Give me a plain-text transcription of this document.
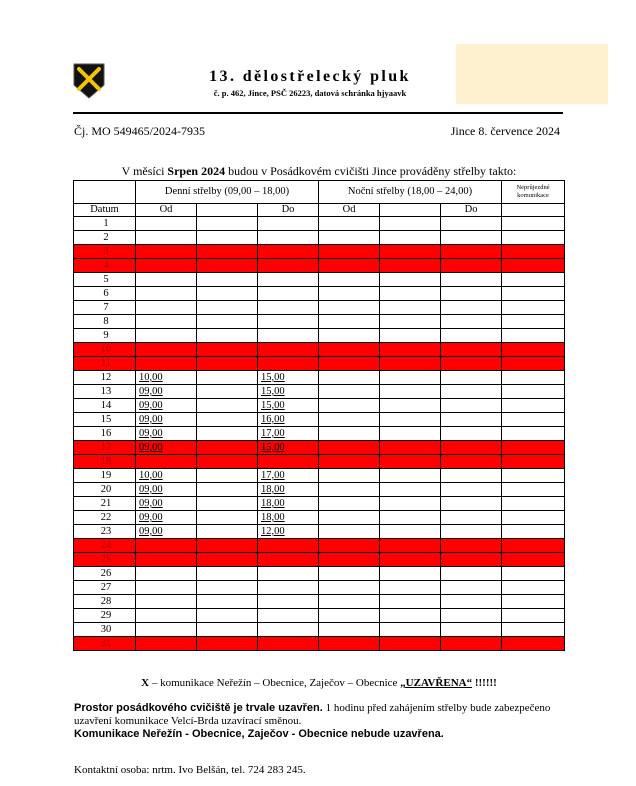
13. dělostřelecký pluk
č. p. 462, Jince, PSČ 26223, datová schránka hjyaavk
Čj. MO 549465/2024-7935	Jince 8. července 2024
V měsíci Srpen 2024 budou v Posádkovém cvičišti Jince prováděny střelby takto:
	Denní střelby (09,00 – 18,00)			Noční střelby (18,00 – 24,00)			Neprůjezdné komunikace
Datum	Od		Do	Od		Do	
1							
2							
3							
4							
5							
6							
7							
8							
9							
10							
11							
12	10,00		15,00				
13	09,00		15,00				
14	09,00		15,00				
15	09,00		16,00				
16	09,00		17,00				
17	09,00		15,00				
18							
19	10,00		17,00				
20	09,00		18,00				
21	09,00		18,00				
22	09,00		18,00				
23	09,00		12,00				
24							
25							
26							
27							
28							
29							
30							
31							
X – komunikace Neřežín – Obecnice, Zaječov – Obecnice „UZAVŘENA“ !!!!!!
Prostor posádkového cvičiště je trvale uzavřen. 1 hodinu před zahájením střelby bude zabezpečeno uzavření komunikace Velcí-Brda uzavírací směnou.
Komunikace Neřežín - Obecnice, Zaječov - Obecnice nebude uzavřena.
Kontaktní osoba: nrtm. Ivo Belšán, tel. 724 283 245.
